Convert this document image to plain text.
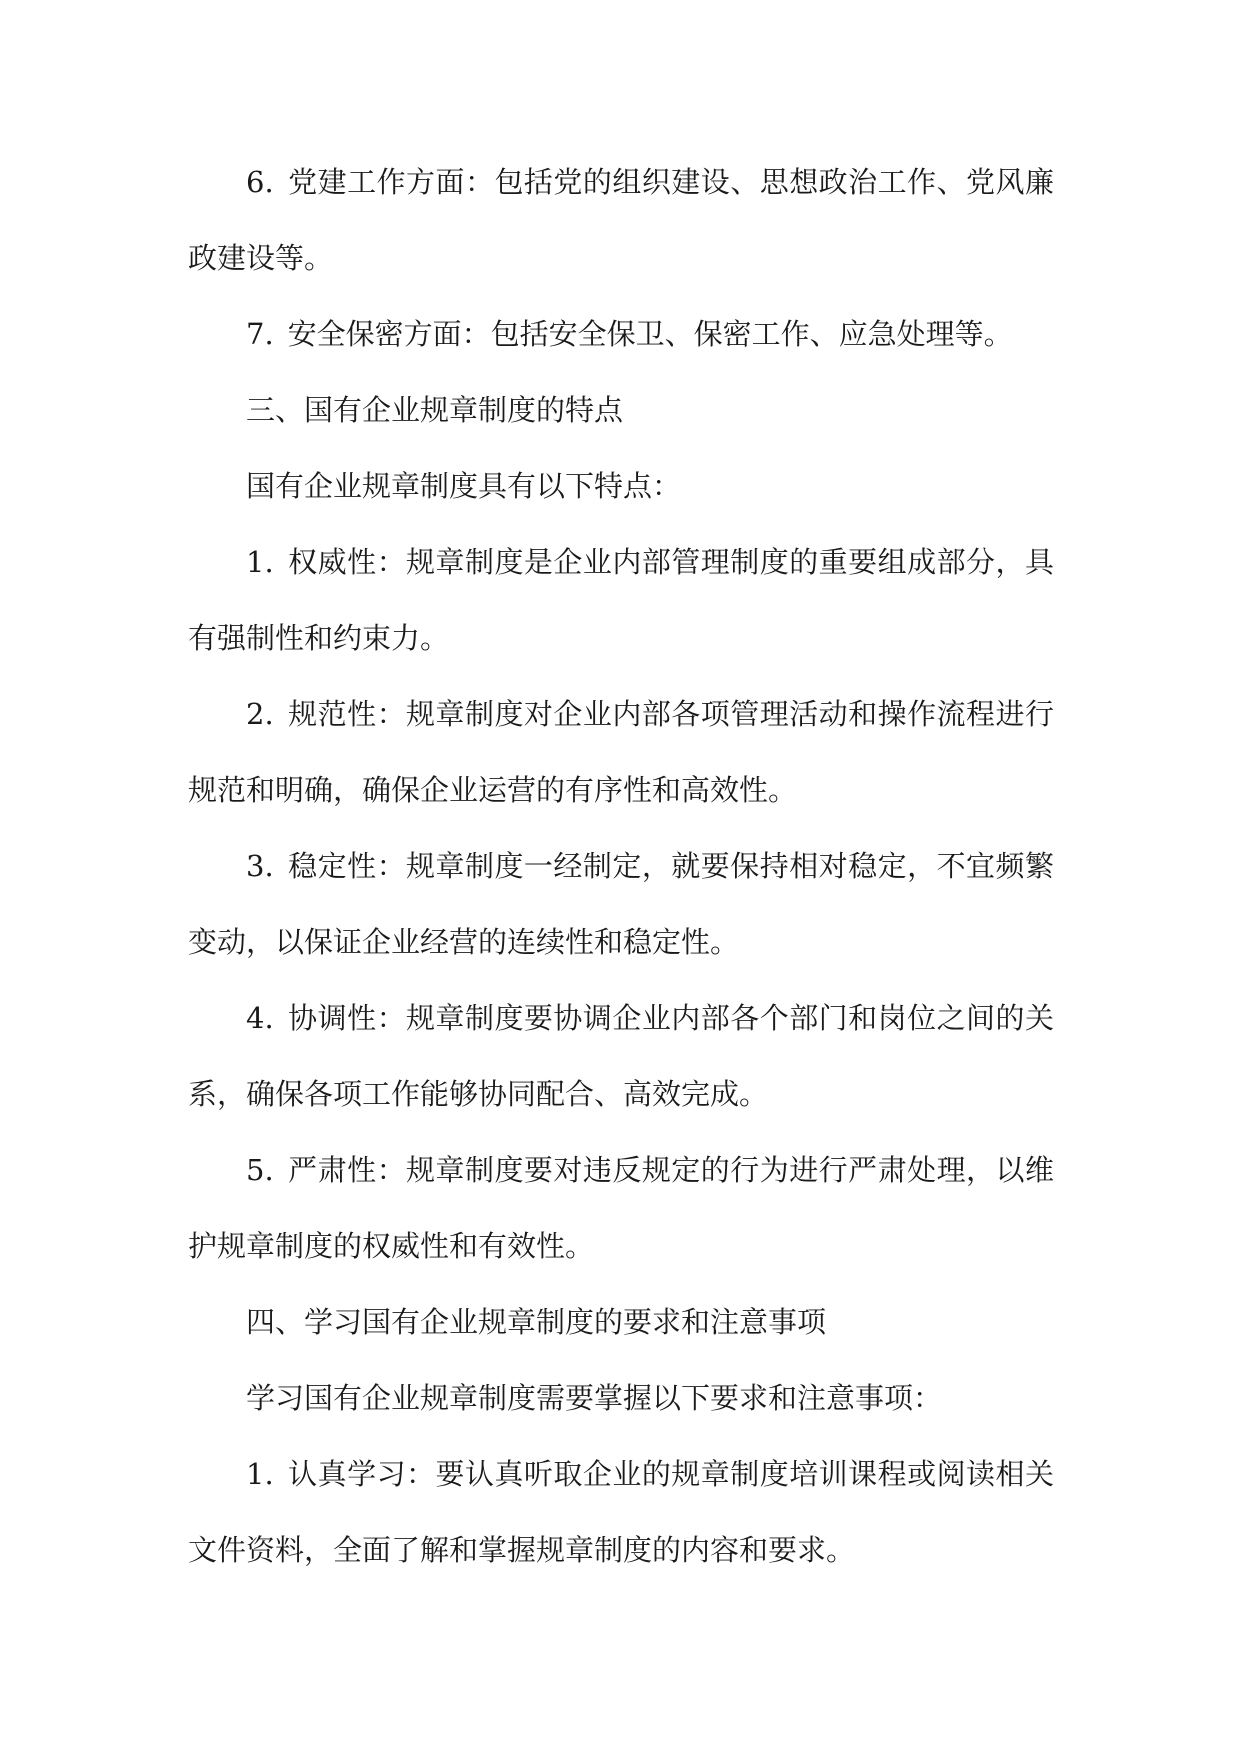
6. 党建工作方面：包括党的组织建设、思想政治工作、党风廉政建设等。

7. 安全保密方面：包括安全保卫、保密工作、应急处理等。

三、国有企业规章制度的特点

国有企业规章制度具有以下特点：

1. 权威性：规章制度是企业内部管理制度的重要组成部分，具有强制性和约束力。

2. 规范性：规章制度对企业内部各项管理活动和操作流程进行规范和明确，确保企业运营的有序性和高效性。

3. 稳定性：规章制度一经制定，就要保持相对稳定，不宜频繁变动，以保证企业经营的连续性和稳定性。

4. 协调性：规章制度要协调企业内部各个部门和岗位之间的关系，确保各项工作能够协同配合、高效完成。

5. 严肃性：规章制度要对违反规定的行为进行严肃处理，以维护规章制度的权威性和有效性。

四、学习国有企业规章制度的要求和注意事项

学习国有企业规章制度需要掌握以下要求和注意事项：

1. 认真学习：要认真听取企业的规章制度培训课程或阅读相关文件资料，全面了解和掌握规章制度的内容和要求。
